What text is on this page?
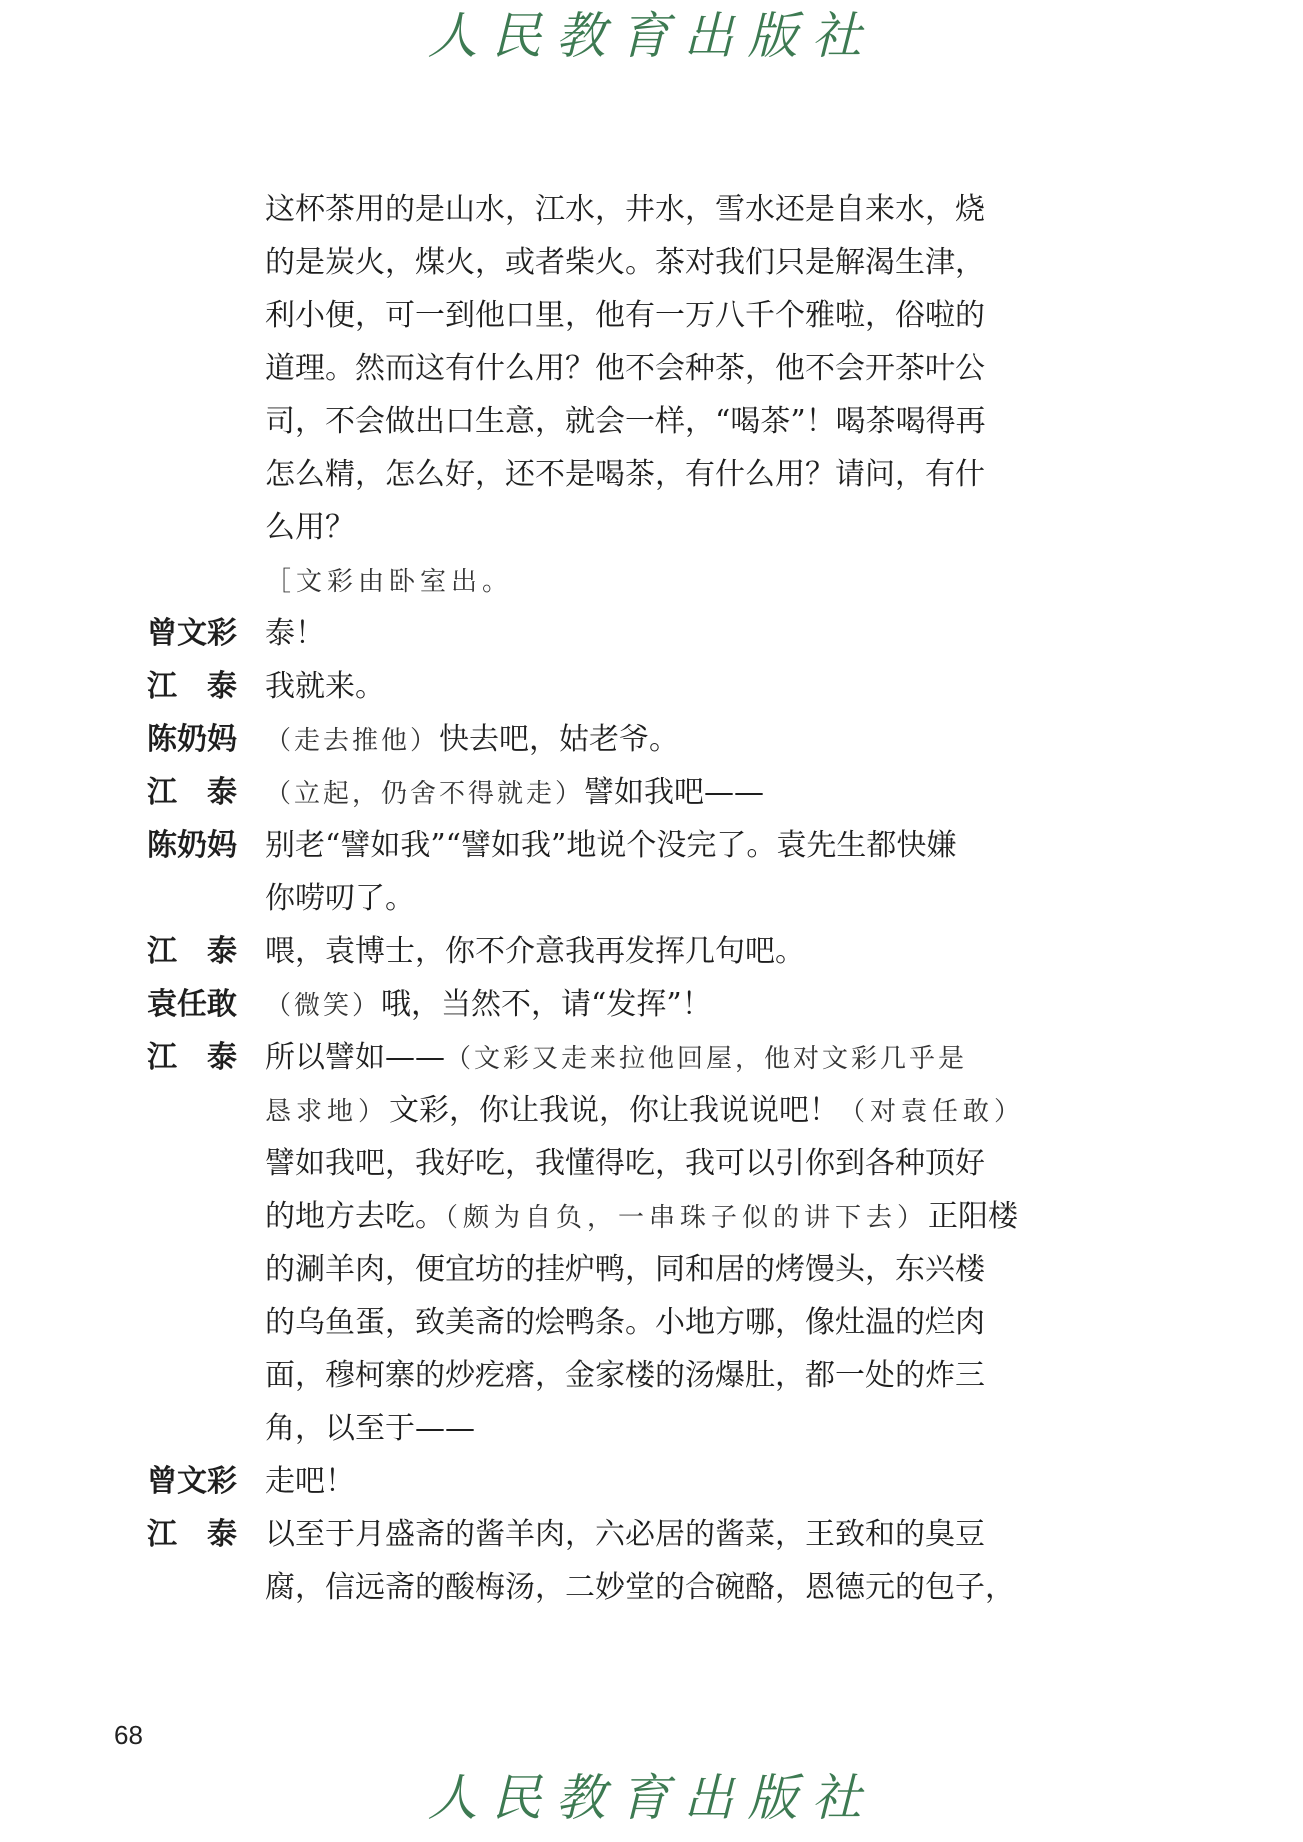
人民教育出版社
这杯茶用的是山水，江水，井水，雪水还是自来水，烧
的是炭火，煤火，或者柴火。茶对我们只是解渴生津，
利小便，可一到他口里，他有一万八千个雅啦，俗啦的
道理。然而这有什么用？他不会种茶，他不会开茶叶公
司，不会做出口生意，就会一样，“喝茶”！喝茶喝得再
怎么精，怎么好，还不是喝茶，有什么用？请问，有什
么用？
［文彩由卧室出。
曾文彩 泰！
江　泰 我就来。
陈奶妈 （走去推他）快去吧，姑老爷。
江　泰 （立起，仍舍不得就走）譬如我吧——
陈奶妈 别老“譬如我”“譬如我”地说个没完了。袁先生都快嫌
你唠叨了。
江　泰 喂，袁博士，你不介意我再发挥几句吧。
袁任敢 （微笑）哦，当然不，请“发挥”！
江　泰 所以譬如——（文彩又走来拉他回屋，他对文彩几乎是
恳求地）文彩，你让我说，你让我说说吧！（对袁任敢）
譬如我吧，我好吃，我懂得吃，我可以引你到各种顶好
的地方去吃。（颇为自负，一串珠子似的讲下去）正阳楼
的涮羊肉，便宜坊的挂炉鸭，同和居的烤馒头，东兴楼
的乌鱼蛋，致美斋的烩鸭条。小地方哪，像灶温的烂肉
面，穆柯寨的炒疙瘩，金家楼的汤爆肚，都一处的炸三
角，以至于——
曾文彩 走吧！
江　泰 以至于月盛斋的酱羊肉，六必居的酱菜，王致和的臭豆
腐，信远斋的酸梅汤，二妙堂的合碗酪，恩德元的包子，
68
人民教育出版社
